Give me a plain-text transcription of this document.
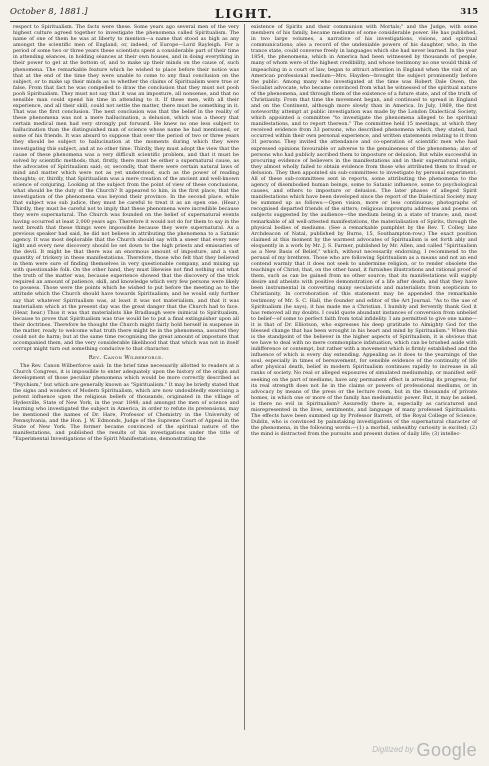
October 8, 1881.]	LIGHT.	315

respect to Spiritualism. The facts were these. Some years ago several men of the very highest culture agreed together to investigate the phenomena called Spiritualism. The name of one of them he was at liberty to mention—a name that stood as high as any amongst the scientific men of England, or, indeed, of Europe—Lord Rayleigh. For a period of some two or three years these scientists spent a considerable part of their time in attending séances, in holding séances at their own houses, and in doing everything in their power to get at the bottom of, and to make up their minds on the cause of, such phenomena. The remarkable feature which he wished to place before their notice was that at the end of the time they were unable to come to any final conclusion on the subject, or to make up their minds as to whether the claims of Spiritualism were true or false. From that fact he was compelled to draw the conclusion that they must not pooh pooh Spiritualism. They must not say that it was an imposture, all nonsense, and that no sensible man could spend his time in attending to it. If these men, with all their experience, and all their skill, could not settle the matter, there must be something in it. That was the first conclusion. The next conclusion was that the belief in the reality of these phenomena was not a mere hallucination, a delusion, which was a theory that certain medical men had very strongly put forward. He knew no one less subject to hallucination than the distinguished man of science whose name he had mentioned, or some of his friends. It was absurd to suppose that over the period of two or three years they should be subject to hallucination at the moments during which they were investigating this subject, and at no other time. Thirdly, they must adopt the view that the cause of these phenomena was a very difficult scientific problem, and that it must be solved by scientific methods; that, firstly, there must be either a supernatural cause, as the advocates of Spiritualism said; or, secondly, that there were certain natural laws of mind and matter which were not as yet understood, such as the power of reading thoughts; or, thirdly, that Spiritualism was a mere creation of the ancient and well-known science of conjuring. Looking at the subject from the point of view of these conclusions, what should be the duty of the Church? It appeared to him, in the first place, that the investigation of the phenomena was beyond their province. In the second place, while that subject was sub judice, they must be careful to treat it as an open one. (Hear.) Thirdly, they must be careful not to imply that these phenomena were incredible because they were supernatural. The Church was founded on the belief of supernatural events having occurred at least 2,000 years ago. Therefore it would not do for them to say in the next breath that these things were impossible because they were supernatural. As a previous speaker had said, he did not believe in attributing the phenomena to a Satanic agency. It was most deplorable that the Church should say with a sneer that every new light and every new discovery should be set down to the high priests and emissaries of the devil. It might be that there was an enormous amount of imposture, and a vast quantity of trickery in these manifestations. Therefore, those who felt that they believed in them were sure of finding themselves in very questionable company, and mixing up with questionable folk. On the other hand, they must likewise not find nothing out what the truth of the matter was, because experience showed that the discovery of the trick required an amount of patience, skill, and knowledge which very few persons were likely to possess. Those were the points which he wished to put before the meeting as to the attitude which the Church should have towards Spiritualism; and he would only further say that whatever Spiritualism was, at least it was not materialism, and that it was materialism which at the present day was the great danger that the Church had to face. (Hear, hear.) Thus it was that materialists like Bradlaugh were inimical to Spiritualism, because to prove that Spiritualism was true would be to put a final extinguisher upon all their doctrines. Therefore he thought the Church might fairly hold herself in suspense in the matter, ready to welcome what truth there might be in the phenomena, assured they could not do harm; but at the same time recognising the great amount of imposture that accompanied them, and the very considerable likelihood that that which was not in itself corrupt might turn out something conducive to that character.

Rev. Canon Wilberforce.

The Rev. Canon Wilberforce said: In the brief time necessarily allotted to readers at a Church Congress, it is impossible to enter adequately upon the history of the origin and development of those peculiar phenomena which would be more correctly described as "Psychism," but which are generally known as "Spiritualism." It may be briefly stated that the signs and wonders of Modern Spiritualism, which are now undoubtedly exercising a potent influence upon the religious beliefs of thousands, originated in the village of Hydesville, State of New York, in the year 1848; and amongst the men of science and learning who investigated the subject in America, in order to refute its pretensions, may be mentioned the names of Dr. Hare, Professor of Chemistry in the University of Pennsylvania, and the Hon. J. W. Edmonds, Judge of the Supreme Court of Appeal in the State of New York. The former became convinced of the spiritual nature of the manifestations, and published the results of his investigations under the title of "Experimental Investigations of the Spirit Manifestations, demonstrating the

existence of Spirits and their communion with Mortals;" and the Judge, with some members of his family, became mediums of some considerable power. He has published, in two large volumes, a narrative of his investigations, visions, and spiritual communications; also a record of the undeniable powers of his daughter, who, in the trance state, could converse freely in languages which she had never learned. In the year 1854, the phenomena, which in America had been witnessed by thousands of people, many of whom were of the highest credibility, and whose testimony no one would think of impeaching in a court of law, began to attract attention in England when the visit of an American professional medium—Mrs. Hayden—brought the subject prominently before the public. Among many who investigated at the time was Robert Dale Owen, the Socialist advocate, who became convinced from what he witnessed of the spiritual nature of the phenomena, and through them of the existence of a future state, and of the truth of Christianity. From that time the movement began, and continued to spread in England and on the Continent, although more slowly than in America. In July, 1869, the first noteworthy attempt at public investigation was made by the London Dialectical Society, which appointed a committee "to investigate the phenomena alleged to be spiritual manifestations, and to report thereon." The committee held 15 meetings, at which they received evidence from 33 persons, who described phenomena which, they stated, had occurred within their own personal experience, and written statements relating to it from 31 persons. They invited the attendance and co-operation of scientific men who had expressed opinions favourable or adverse to the genuineness of the phenomena; also of persons who had publicly ascribed them to imposture or delusion. But while successful in procuring evidence of believers in the manifestations and in their supernatural origin, they almost wholly failed to obtain evidence from those who attributed them to fraud or delusion. They then appointed six sub-committees to investigate by personal experiment. All of these sub-committees sent in reports, some attributing the phenomena to the agency of disembodied human beings, some to Satanic influence, some to psychological causes, and others to imposture or delusion. The later phases of alleged Spirit manifestations which have been developed since the report of the Dialectical Society may be summed up as follows:—Open vision, more or less continuous; photographs of recognised departed friends of the sitters; religious impromptu addresses and poems on subjects suggested by the audience—the medium being in a state of trance; and, most remarkable of all well-attested manifestations, the materialisation of Spirits, through the physical bodies of mediums. (See a remarkable pamphlet by the Rev. T. Colley, late Archdeacon of Natal, published by Burns, 15, Southampton-row.) The exact position claimed at this moment by the warmest advocates of Spiritualism is set forth ably and eloquently in a work by Mr. J. S. Farmer, published by Mr. Allen, and called "Spiritualism as a New Basis of Belief," which, without necessarily endorsing, I recommend to the perusal of my brethren. Those who are following Spiritualism as a means and not an end contend warmly that it does not seek to undermine religion, or to render obsolete the teachings of Christ; that, on the other hand, it furnishes illustrations and rational proof of them, such as can be gained from no other source; that its manifestations will supply desire and atheists with positive demonstration of a life after death, and that they have been instrumental in converting many secularists and materialists from scepticism to Christianity. In corroboration of this statement may be appended the remarkable testimony of Mr. S. C. Hall, the founder and editor of the Art Journal. "As to the use of Spiritualism (he says), it has made me a Christian. I humbly and fervently thank God it has removed all my doubts. I could quote abundant instances of conversion from unbelief to belief—of some to perfect faith from total infidelity. I am permitted to give one name—it is that of Dr. Elliotson, who expresses his deep gratitude to Almighty God for the blessed change that has been wrought in his heart and mind by Spiritualism." When this is the standpoint of the believer in the higher aspects of Spiritualism, it is obvious that we have to deal with no mere commonplace infatuation, which can be brushed aside with indifference or contempt, but rather with a movement which is firmly established and the influence of which is every day extending. Appealing as it does to the yearnings of the soul, especially in times of bereavement, for sensible evidence of the continuity of life after physical death, belief in modern Spiritualism continues rapidly to increase in all ranks of society. No real or alleged exposures of simulated mediumship, or manifest self-seeking on the part of mediums, have any permanent effect in arresting its progress; for its real strength does not lie in the claims or powers of professional mediums, or in advocacy by means of the press or the lecture room, but in the thousands of private homes, in which one or more of the family has mediumistic power. But, it may be asked, is there no evil in Spiritualism? Assuredly there is, especially as caricatured and misrepresented in the lives, sentiments, and language of many professed Spiritualists. The effects have been summed up by Professor Barrett, of the Royal College of Science, Dublin, who is convinced by painstaking investigations of the supernatural character of the phenomena, in the following words:—(1) a morbid, unhealthy curiosity is excited; (2) the mind is distracted from the pursuits and present duties of daily life; (3) intellec-

$^{Digitized by}$ Google
